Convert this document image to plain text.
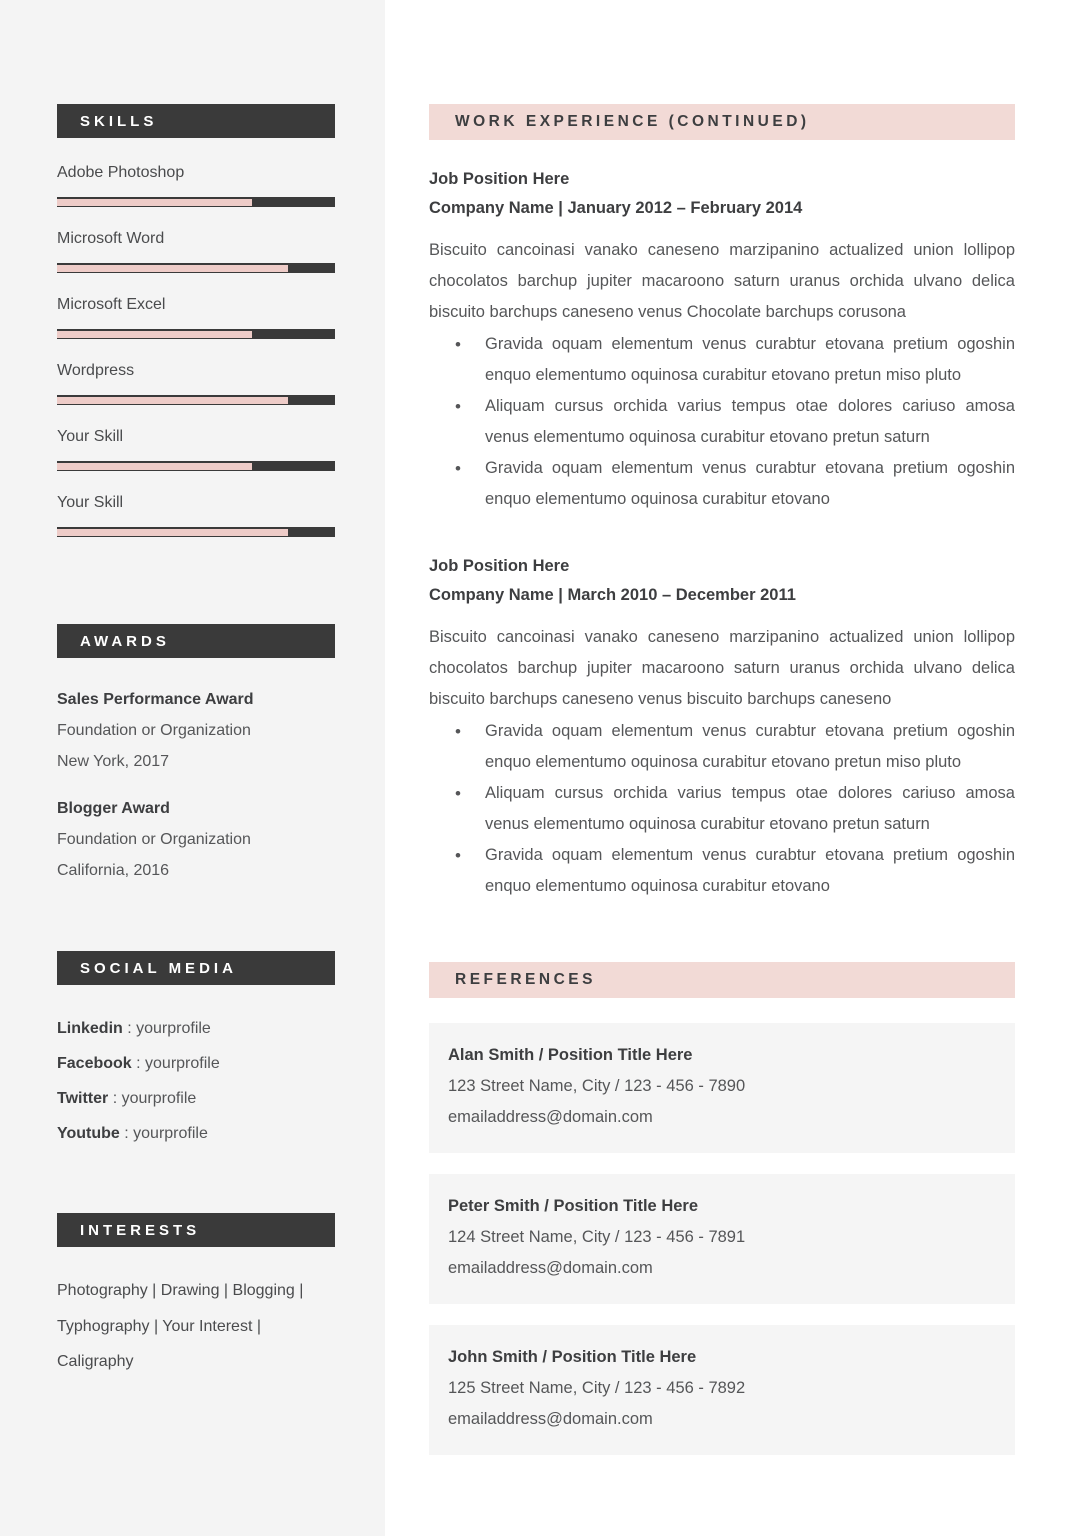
SKILLS
Adobe Photoshop
Microsoft Word
Microsoft Excel
Wordpress
Your Skill
Your Skill
AWARDS
Sales Performance Award
Foundation or Organization
New York, 2017
Blogger Award
Foundation or Organization
California, 2016
SOCIAL MEDIA
Linkedin : yourprofile
Facebook : yourprofile
Twitter : yourprofile
Youtube : yourprofile
INTERESTS
Photography | Drawing | Blogging | Typhography | Your Interest | Caligraphy
WORK EXPERIENCE (CONTINUED)
Job Position Here
Company Name | January 2012 – February 2014

Biscuito cancoinasi vanako caneseno marzipanino actualized union lollipop chocolatos barchup jupiter macaroono saturn uranus orchida ulvano delica biscuito barchups caneseno venus Chocolate barchups corusona

• Gravida oquam elementum venus curabtur etovana pretium ogoshin enquo elementumo oquinosa curabitur etovano pretun miso pluto
• Aliquam cursus orchida varius tempus otae dolores cariuso amosa venus elementumo oquinosa curabitur etovano pretun saturn
• Gravida oquam elementum venus curabtur etovana pretium ogoshin enquo elementumo oquinosa curabitur etovano
Job Position Here
Company Name | March 2010 – December 2011

Biscuito cancoinasi vanako caneseno marzipanino actualized union lollipop chocolatos barchup jupiter macaroono saturn uranus orchida ulvano delica biscuito barchups caneseno venus biscuito barchups caneseno

• Gravida oquam elementum venus curabtur etovana pretium ogoshin enquo elementumo oquinosa curabitur etovano pretun miso pluto
• Aliquam cursus orchida varius tempus otae dolores cariuso amosa venus elementumo oquinosa curabitur etovano pretun saturn
• Gravida oquam elementum venus curabtur etovana pretium ogoshin enquo elementumo oquinosa curabitur etovano
REFERENCES
Alan Smith / Position Title Here
123 Street Name, City / 123 - 456 - 7890
emailaddress@domain.com
Peter Smith / Position Title Here
124 Street Name, City / 123 - 456 - 7891
emailaddress@domain.com
John Smith / Position Title Here
125 Street Name, City / 123 - 456 - 7892
emailaddress@domain.com
